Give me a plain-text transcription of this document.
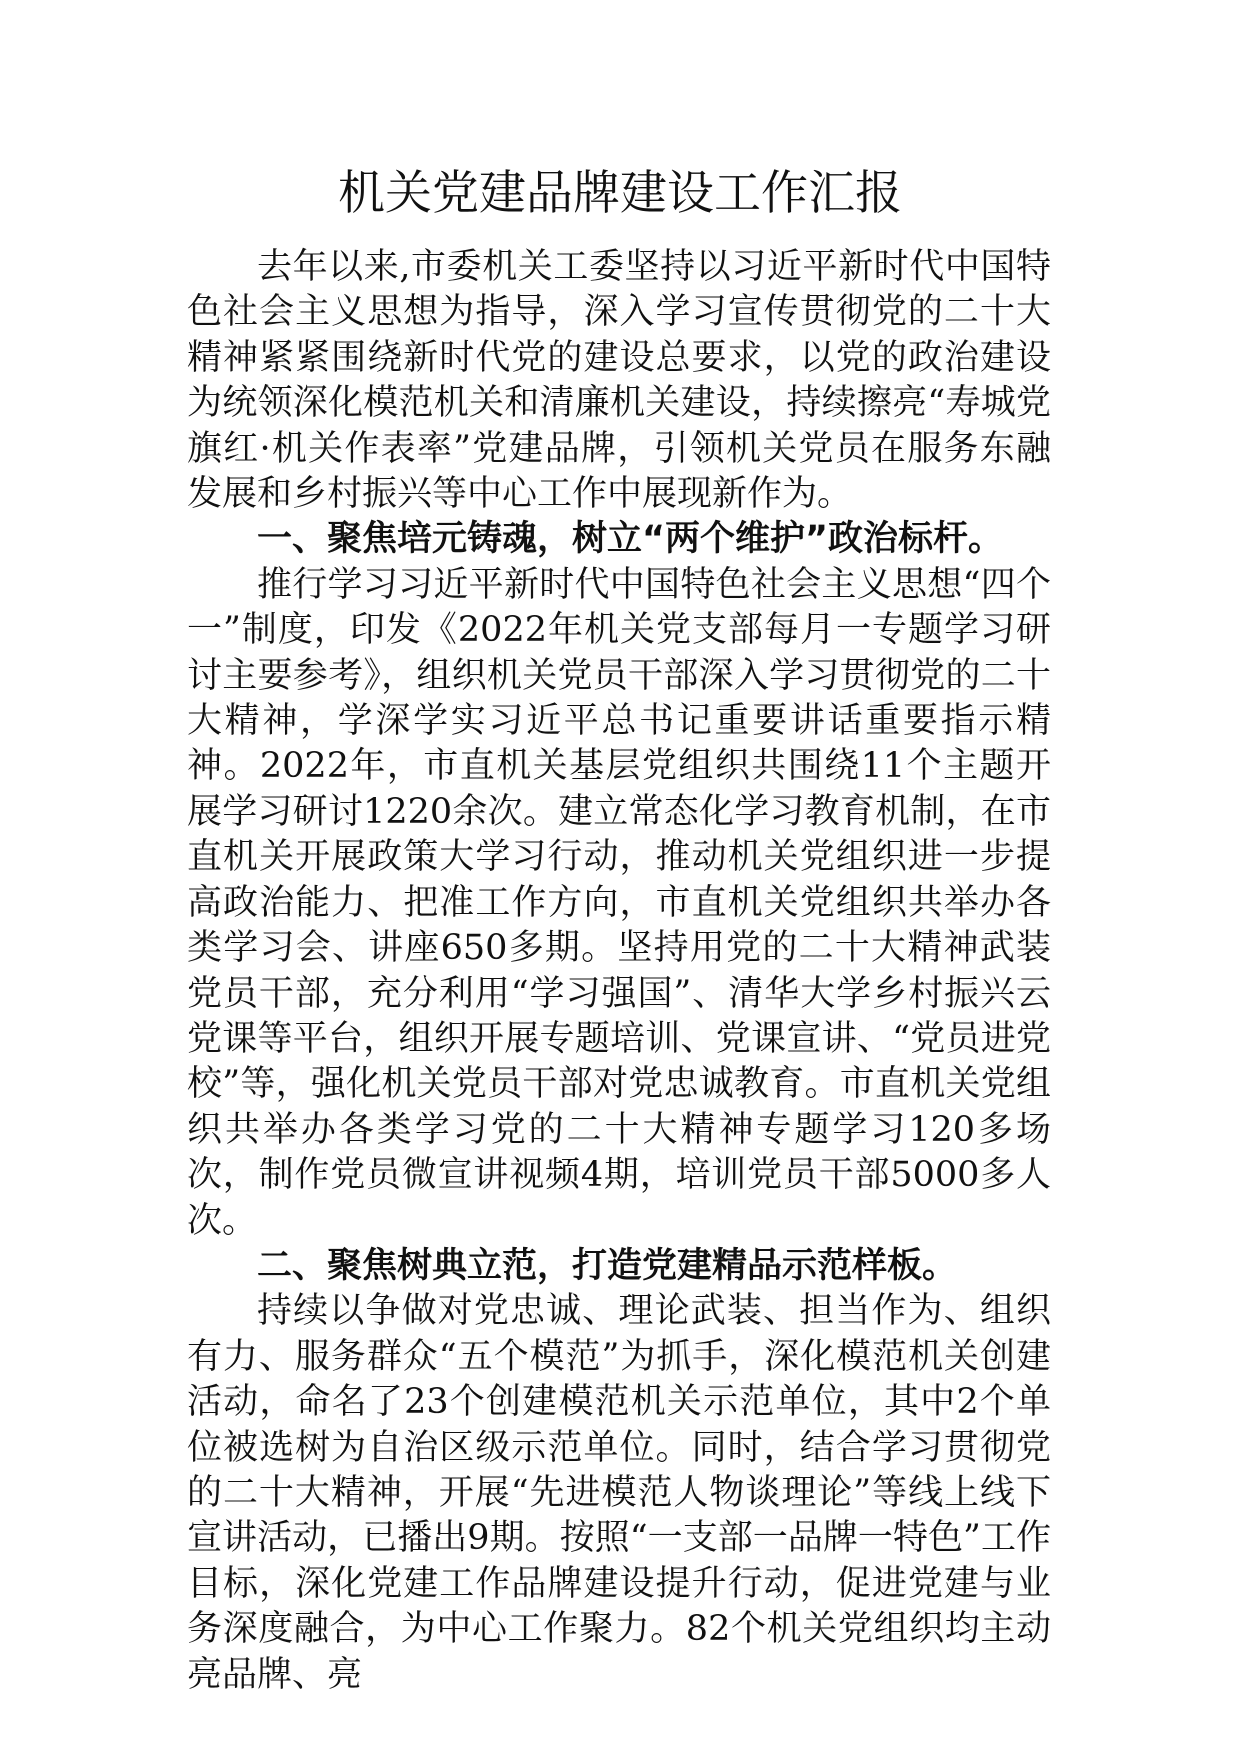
机关党建品牌建设工作汇报

去年以来,市委机关工委坚持以习近平新时代中国特色社会主义思想为指导，深入学习宣传贯彻党的二十大精神紧紧围绕新时代党的建设总要求，以党的政治建设为统领深化模范机关和清廉机关建设，持续擦亮“寿城党旗红·机关作表率”党建品牌，引领机关党员在服务东融发展和乡村振兴等中心工作中展现新作为。

一、聚焦培元铸魂，树立“两个维护”政治标杆。

推行学习习近平新时代中国特色社会主义思想“四个一”制度，印发《2022年机关党支部每月一专题学习研讨主要参考》，组织机关党员干部深入学习贯彻党的二十大精神，学深学实习近平总书记重要讲话重要指示精神。2022年，市直机关基层党组织共围绕11个主题开展学习研讨1220余次。建立常态化学习教育机制，在市直机关开展政策大学习行动，推动机关党组织进一步提高政治能力、把准工作方向，市直机关党组织共举办各类学习会、讲座650多期。坚持用党的二十大精神武装党员干部，充分利用“学习强国”、清华大学乡村振兴云党课等平台，组织开展专题培训、党课宣讲、“党员进党校”等，强化机关党员干部对党忠诚教育。市直机关党组织共举办各类学习党的二十大精神专题学习120多场次，制作党员微宣讲视频4期，培训党员干部5000多人次。

二、聚焦树典立范，打造党建精品示范样板。

持续以争做对党忠诚、理论武装、担当作为、组织有力、服务群众“五个模范”为抓手，深化模范机关创建活动，命名了23个创建模范机关示范单位，其中2个单位被选树为自治区级示范单位。同时，结合学习贯彻党的二十大精神，开展“先进模范人物谈理论”等线上线下宣讲活动，已播出9期。按照“一支部一品牌一特色”工作目标，深化党建工作品牌建设提升行动，促进党建与业务深度融合，为中心工作聚力。82个机关党组织均主动亮品牌、亮
